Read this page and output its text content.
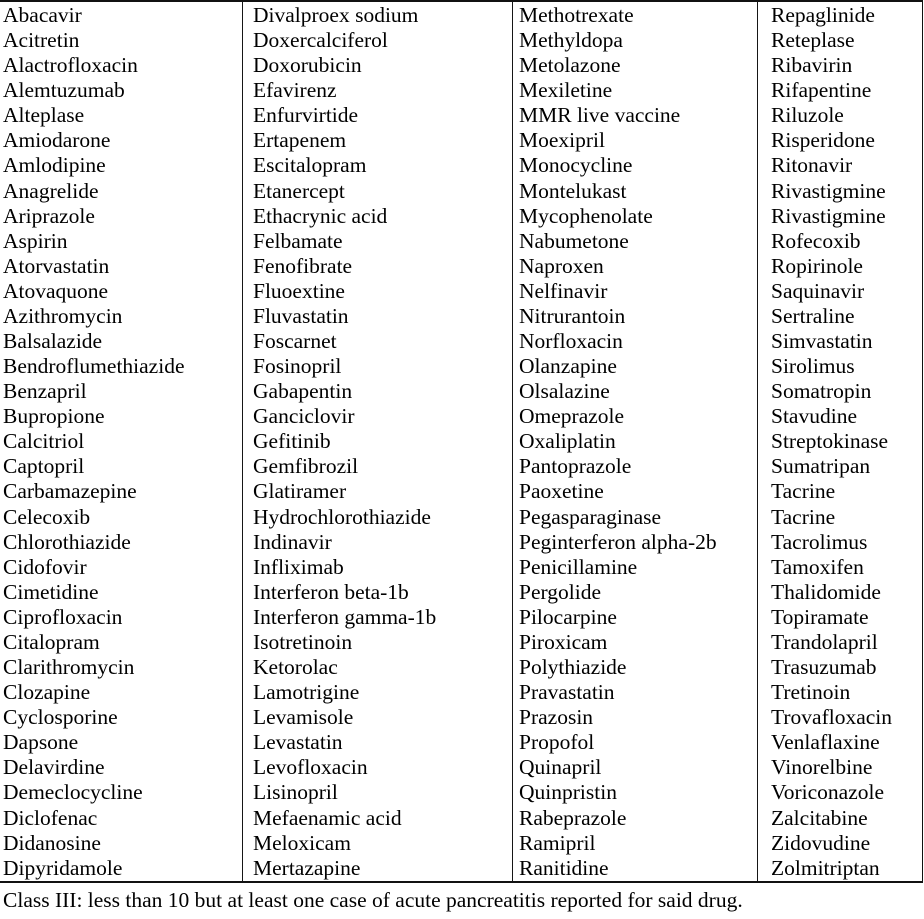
Abacavir
Acitretin
Alactrofloxacin
Alemtuzumab
Alteplase
Amiodarone
Amlodipine
Anagrelide
Ariprazole
Aspirin
Atorvastatin
Atovaquone
Azithromycin
Balsalazide
Bendroflumethiazide
Benzapril
Bupropione
Calcitriol
Captopril
Carbamazepine
Celecoxib
Chlorothiazide
Cidofovir
Cimetidine
Ciprofloxacin
Citalopram
Clarithromycin
Clozapine
Cyclosporine
Dapsone
Delavirdine
Demeclocycline
Diclofenac
Didanosine
Dipyridamole
Divalproex sodium
Doxercalciferol
Doxorubicin
Efavirenz
Enfurvirtide
Ertapenem
Escitalopram
Etanercept
Ethacrynic acid
Felbamate
Fenofibrate
Fluoextine
Fluvastatin
Foscarnet
Fosinopril
Gabapentin
Ganciclovir
Gefitinib
Gemfibrozil
Glatiramer
Hydrochlorothiazide
Indinavir
Infliximab
Interferon beta-1b
Interferon gamma-1b
Isotretinoin
Ketorolac
Lamotrigine
Levamisole
Levastatin
Levofloxacin
Lisinopril
Mefaenamic acid
Meloxicam
Mertazapine
Methotrexate
Methyldopa
Metolazone
Mexiletine
MMR live vaccine
Moexipril
Monocycline
Montelukast
Mycophenolate
Nabumetone
Naproxen
Nelfinavir
Nitrurantoin
Norfloxacin
Olanzapine
Olsalazine
Omeprazole
Oxaliplatin
Pantoprazole
Paoxetine
Pegasparaginase
Peginterferon alpha-2b
Penicillamine
Pergolide
Pilocarpine
Piroxicam
Polythiazide
Pravastatin
Prazosin
Propofol
Quinapril
Quinpristin
Rabeprazole
Ramipril
Ranitidine
Repaglinide
Reteplase
Ribavirin
Rifapentine
Riluzole
Risperidone
Ritonavir
Rivastigmine
Rivastigmine
Rofecoxib
Ropirinole
Saquinavir
Sertraline
Simvastatin
Sirolimus
Somatropin
Stavudine
Streptokinase
Sumatripan
Tacrine
Tacrine
Tacrolimus
Tamoxifen
Thalidomide
Topiramate
Trandolapril
Trasuzumab
Tretinoin
Trovafloxacin
Venlaflaxine
Vinorelbine
Voriconazole
Zalcitabine
Zidovudine
Zolmitriptan
Class III: less than 10 but at least one case of acute pancreatitis reported for said drug.
